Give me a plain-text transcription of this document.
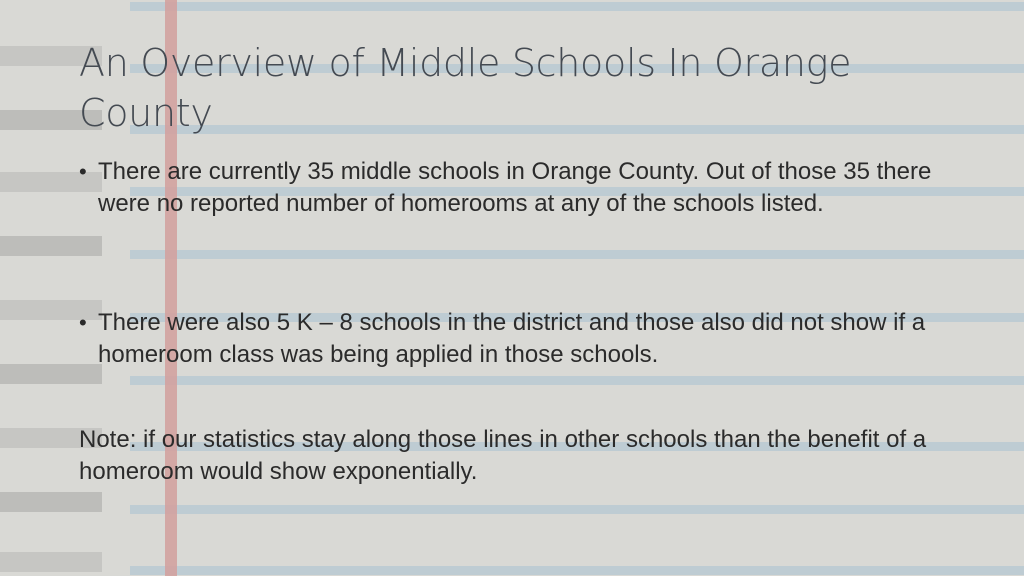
An Overview of Middle Schools In Orange County
• There are currently 35 middle schools in Orange County. Out of those 35 there were no reported number of homerooms at any of the schools listed.
• There were also 5 K – 8 schools in the district and those also did not show if a homeroom class was being applied in those schools.
Note: if our statistics stay along those lines in other schools than the benefit of a homeroom would show exponentially.
